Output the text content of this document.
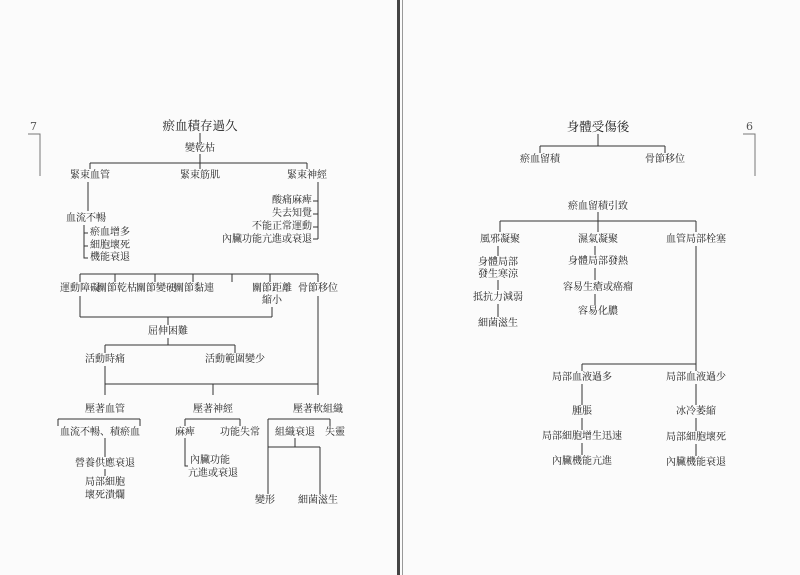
7	瘀血積存過久
變乾枯
緊束血管	緊束筋肌	緊束神經
血流不暢
瘀血增多
細胞壞死
機能衰退
酸痛麻痺
失去知覺
不能正常運動
內臟功能亢進或衰退
運動障礙
關節乾枯 關節變硬
關節黏連	關節距離
縮小
骨節移位
屈伸困難
活動時痛	活動範圍變少
壓著血管	壓著神經	壓著軟組織
血流不暢、積瘀血
營養供應衰退
局部細胞
壞死潰爛
麻痺	功能失常
內臟功能
亢進或衰退
組織衰退 失靈
變形 細菌滋生
6
身體受傷後
瘀血留積	骨節移位
瘀血留積引致
風邪凝聚	濕氣凝聚	血管局部栓塞
身體局部
發生寒涼
抵抗力減弱
細菌滋生
身體局部發熱
容易生瘡或癌瘤
容易化膿
局部血液過多	局部血液過少
腫脹
局部細胞增生迅速
內臟機能亢進
冰冷萎縮
局部細胞壞死
內臟機能衰退
